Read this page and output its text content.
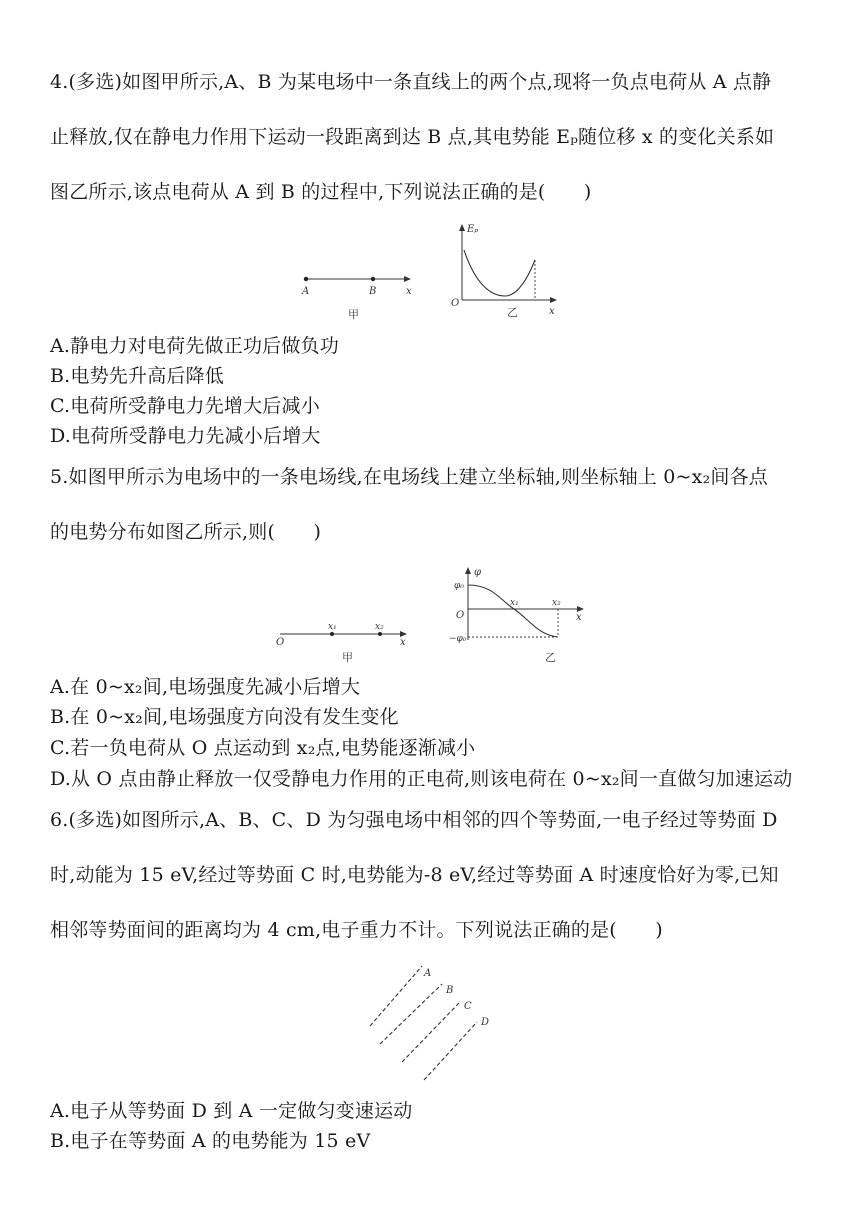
4.(多选)如图甲所示,A、B 为某电场中一条直线上的两个点,现将一负点电荷从 A 点静
止释放,仅在静电力作用下运动一段距离到达 B 点,其电势能 Eₚ随位移 x 的变化关系如
图乙所示,该点电荷从 A 到 B 的过程中,下列说法正确的是(　　)
A	B	x
甲
Eₚ
O
x
乙
A.静电力对电荷先做正功后做负功
B.电势先升高后降低
C.电荷所受静电力先增大后减小
D.电荷所受静电力先减小后增大
5.如图甲所示为电场中的一条电场线,在电场线上建立坐标轴,则坐标轴上 0~x₂间各点
的电势分布如图乙所示,则(　　)
x₁	x₂
O	x
甲
φ
φ₀
O
−φ₀
x₁	x₂
x
乙
A.在 0~x₂间,电场强度先减小后增大
B.在 0~x₂间,电场强度方向没有发生变化
C.若一负电荷从 O 点运动到 x₂点,电势能逐渐减小
D.从 O 点由静止释放一仅受静电力作用的正电荷,则该电荷在 0~x₂间一直做匀加速运动
6.(多选)如图所示,A、B、C、D 为匀强电场中相邻的四个等势面,一电子经过等势面 D
时,动能为 15 eV,经过等势面 C 时,电势能为-8 eV,经过等势面 A 时速度恰好为零,已知
相邻等势面间的距离均为 4 cm,电子重力不计。下列说法正确的是(　　)
A
B
C
D
A.电子从等势面 D 到 A 一定做匀变速运动
B.电子在等势面 A 的电势能为 15 eV
